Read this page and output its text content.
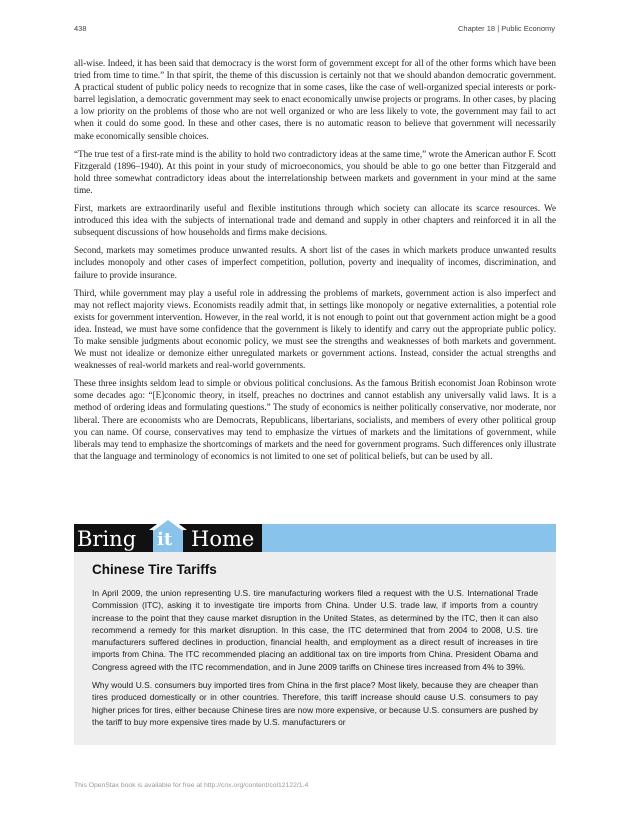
438	Chapter 18 | Public Economy

all-wise. Indeed, it has been said that democracy is the worst form of government except for all of the other forms which have been tried from time to time.” In that spirit, the theme of this discussion is certainly not that we should abandon democratic government. A practical student of public policy needs to recognize that in some cases, like the case of well-organized special interests or pork-barrel legislation, a democratic government may seek to enact economically unwise projects or programs. In other cases, by placing a low priority on the problems of those who are not well organized or who are less likely to vote, the government may fail to act when it could do some good. In these and other cases, there is no automatic reason to believe that government will necessarily make economically sensible choices.

“The true test of a first-rate mind is the ability to hold two contradictory ideas at the same time,” wrote the American author F. Scott Fitzgerald (1896–1940). At this point in your study of microeconomics, you should be able to go one better than Fitzgerald and hold three somewhat contradictory ideas about the interrelationship between markets and government in your mind at the same time.

First, markets are extraordinarily useful and flexible institutions through which society can allocate its scarce resources. We introduced this idea with the subjects of international trade and demand and supply in other chapters and reinforced it in all the subsequent discussions of how households and firms make decisions.

Second, markets may sometimes produce unwanted results. A short list of the cases in which markets produce unwanted results includes monopoly and other cases of imperfect competition, pollution, poverty and inequality of incomes, discrimination, and failure to provide insurance.

Third, while government may play a useful role in addressing the problems of markets, government action is also imperfect and may not reflect majority views. Economists readily admit that, in settings like monopoly or negative externalities, a potential role exists for government intervention. However, in the real world, it is not enough to point out that government action might be a good idea. Instead, we must have some confidence that the government is likely to identify and carry out the appropriate public policy. To make sensible judgments about economic policy, we must see the strengths and weaknesses of both markets and government. We must not idealize or demonize either unregulated markets or government actions. Instead, consider the actual strengths and weaknesses of real-world markets and real-world governments.

These three insights seldom lead to simple or obvious political conclusions. As the famous British economist Joan Robinson wrote some decades ago: “[E]conomic theory, in itself, preaches no doctrines and cannot establish any universally valid laws. It is a method of ordering ideas and formulating questions.” The study of economics is neither politically conservative, nor moderate, nor liberal. There are economists who are Democrats, Republicans, libertarians, socialists, and members of every other political group you can name. Of course, conservatives may tend to emphasize the virtues of markets and the limitations of government, while liberals may tend to emphasize the shortcomings of markets and the need for government programs. Such differences only illustrate that the language and terminology of economics is not limited to one set of political beliefs, but can be used by all.

Bring it Home
Chinese Tire Tariffs

In April 2009, the union representing U.S. tire manufacturing workers filed a request with the U.S. International Trade Commission (ITC), asking it to investigate tire imports from China. Under U.S. trade law, if imports from a country increase to the point that they cause market disruption in the United States, as determined by the ITC, then it can also recommend a remedy for this market disruption. In this case, the ITC determined that from 2004 to 2008, U.S. tire manufacturers suffered declines in production, financial health, and employment as a direct result of increases in tire imports from China. The ITC recommended placing an additional tax on tire imports from China. President Obama and Congress agreed with the ITC recommendation, and in June 2009 tariffs on Chinese tires increased from 4% to 39%.

Why would U.S. consumers buy imported tires from China in the first place? Most likely, because they are cheaper than tires produced domestically or in other countries. Therefore, this tariff increase should cause U.S. consumers to pay higher prices for tires, either because Chinese tires are now more expensive, or because U.S. consumers are pushed by the tariff to buy more expensive tires made by U.S. manufacturers or

This OpenStax book is available for free at http://cnx.org/content/col12122/1.4
